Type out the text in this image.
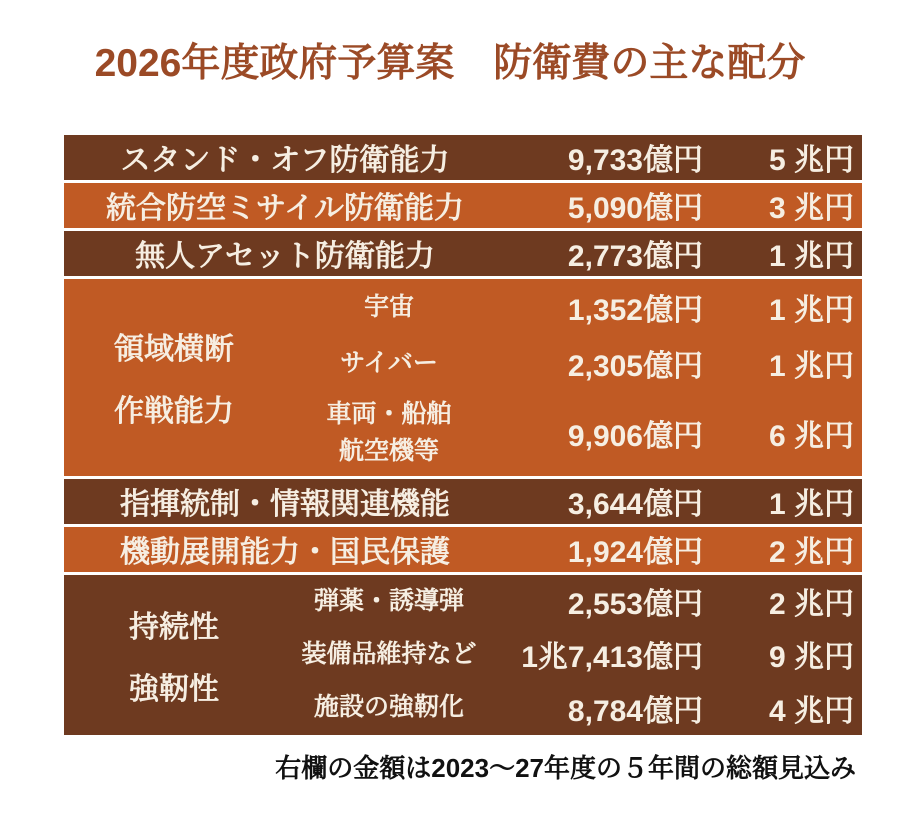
2026年度政府予算案　防衛費の主な配分
スタンド・オフ防衛能力	9,733億円	5 兆円
統合防空ミサイル防衛能力	5,090億円	3 兆円
無人アセット防衛能力	2,773億円	1 兆円
領域横断
作戦能力
宇宙	1,352億円	1 兆円
サイバー	2,305億円	1 兆円
車両・船舶
航空機等	9,906億円	6 兆円
指揮統制・情報関連機能	3,644億円	1 兆円
機動展開能力・国民保護	1,924億円	2 兆円
持続性
強靭性
弾薬・誘導弾	2,553億円	2 兆円
装備品維持など	1兆7,413億円	9 兆円
施設の強靭化	8,784億円	4 兆円
右欄の金額は2023〜27年度の５年間の総額見込み
